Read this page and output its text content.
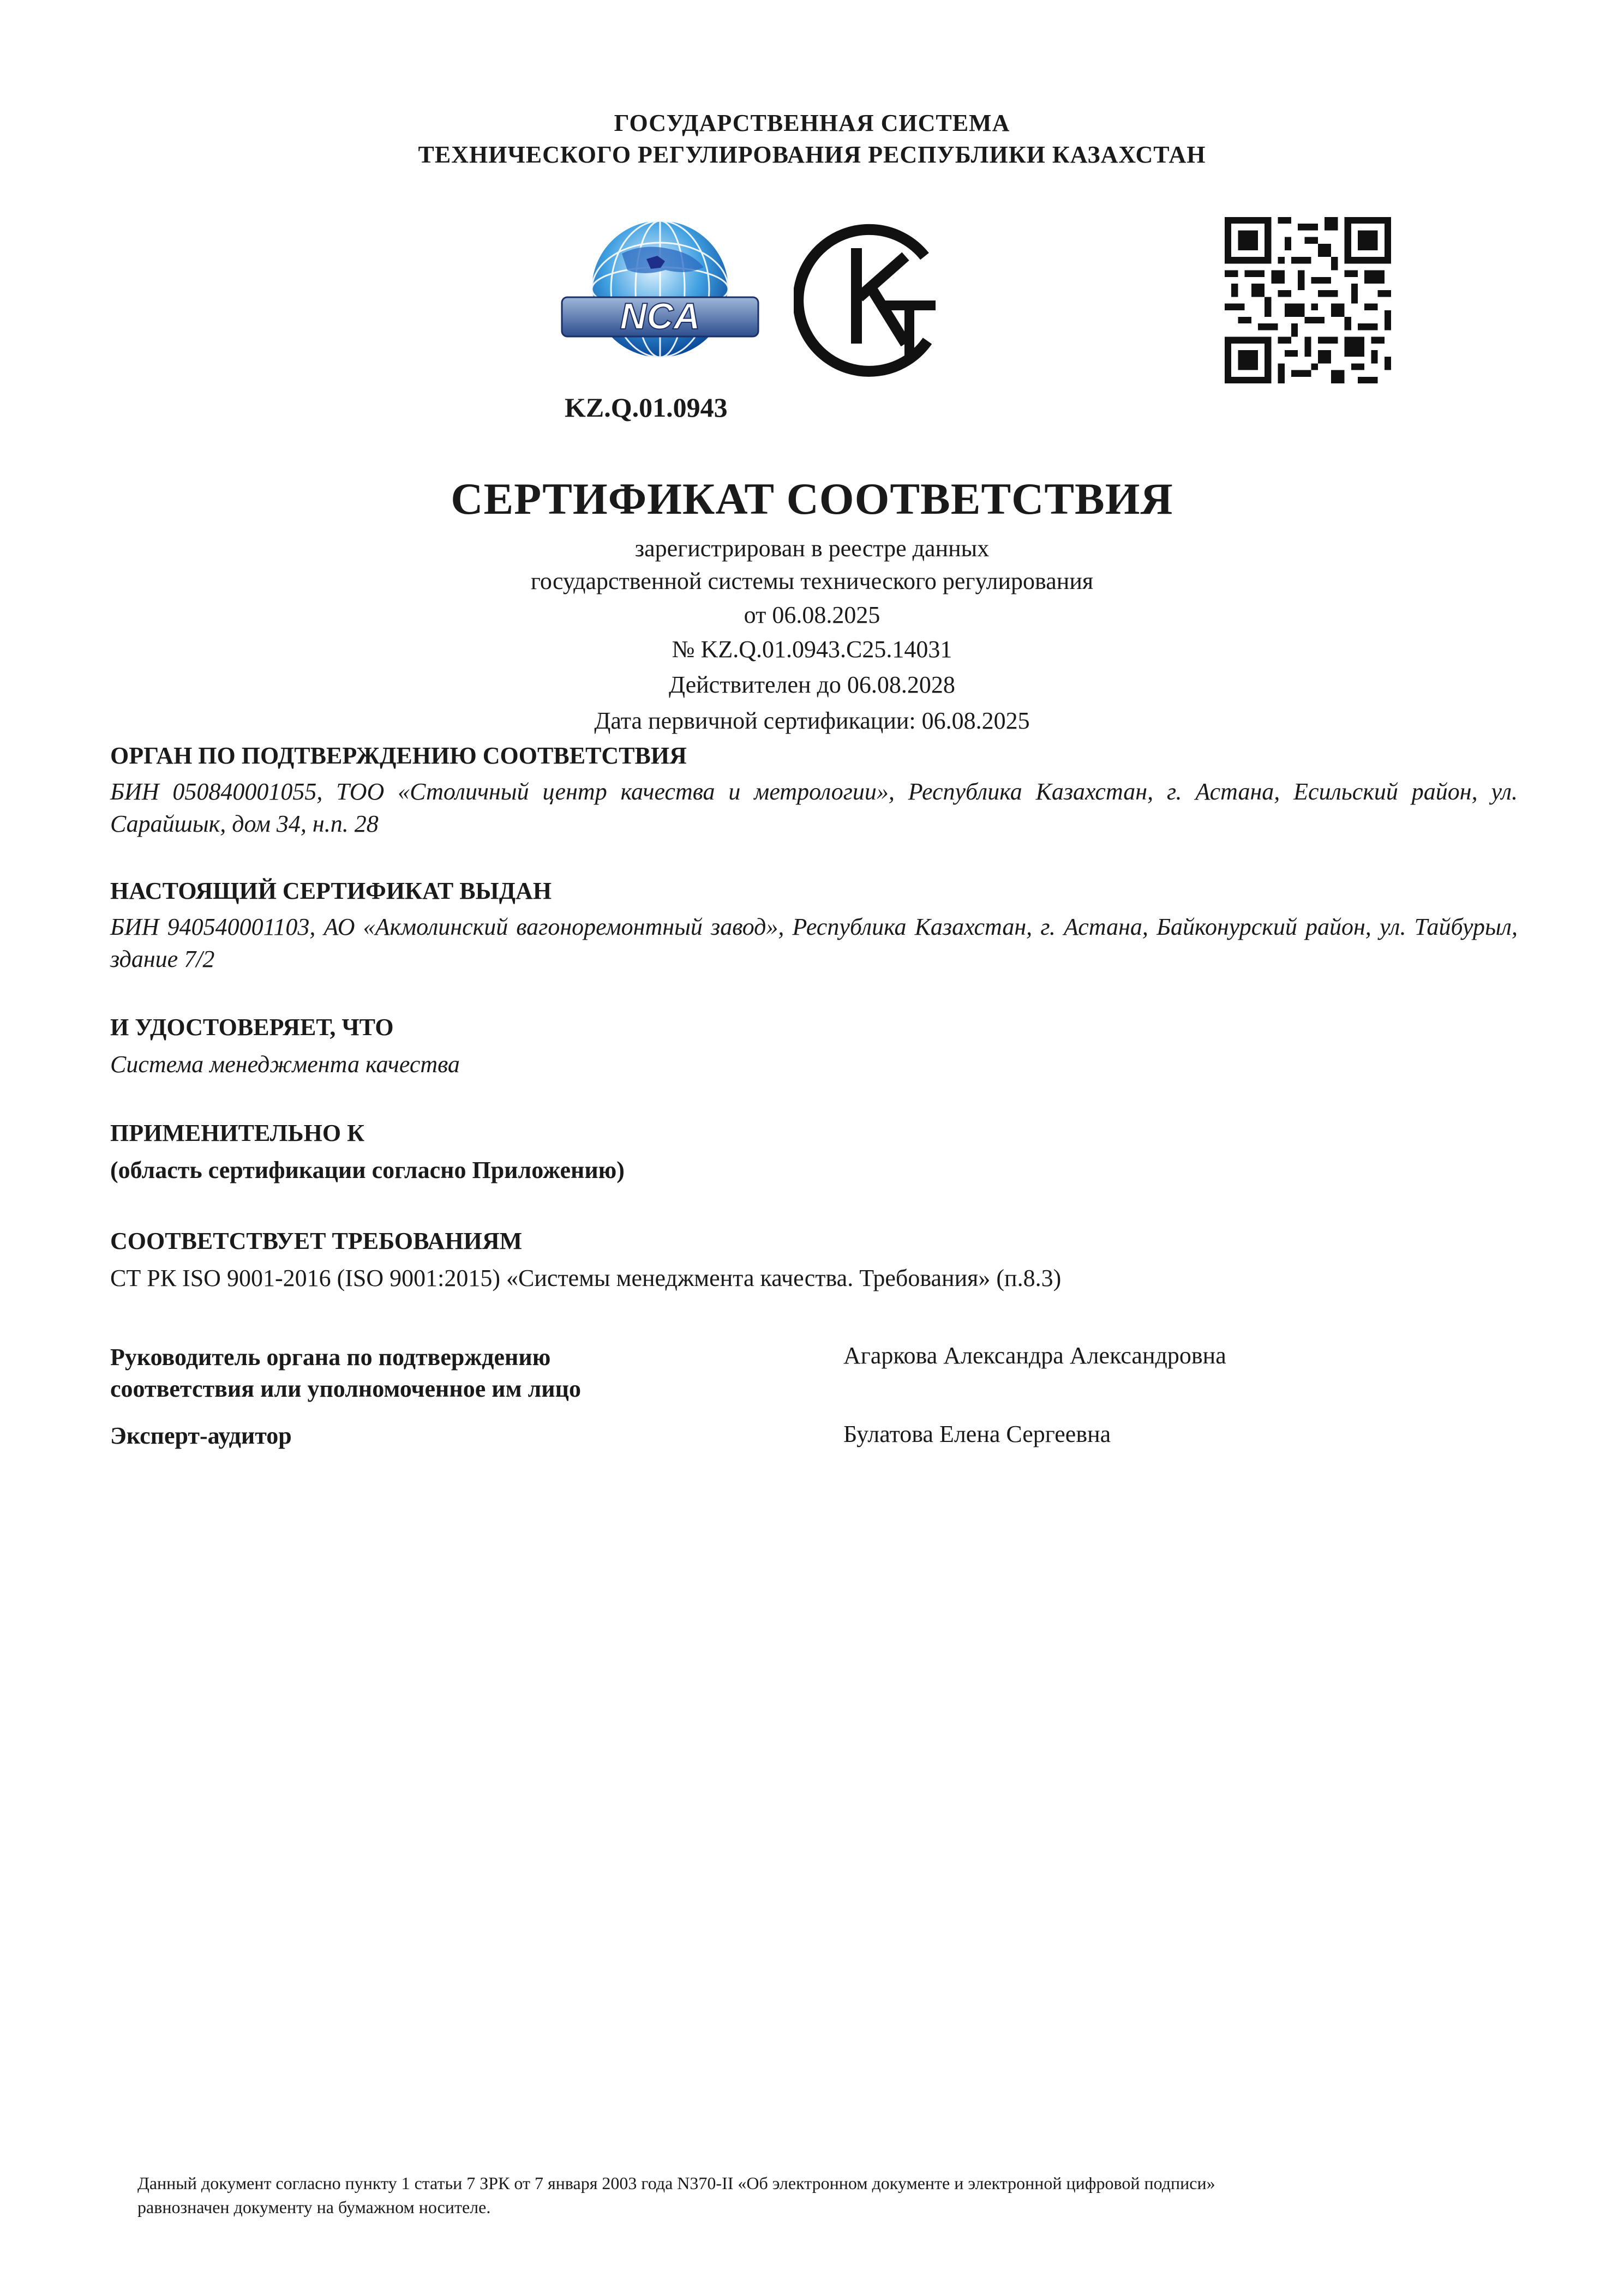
ГОСУДАРСТВЕННАЯ СИСТЕМА
ТЕХНИЧЕСКОГО РЕГУЛИРОВАНИЯ РЕСПУБЛИКИ КАЗАХСТАН
NCA
KZ.Q.01.0943
СЕРТИФИКАТ СООТВЕТСТВИЯ
зарегистрирован в реестре данных
государственной системы технического регулирования
от 06.08.2025
№ KZ.Q.01.0943.C25.14031
Действителен до 06.08.2028
Дата первичной сертификации: 06.08.2025
ОРГАН ПО ПОДТВЕРЖДЕНИЮ СООТВЕТСТВИЯ
БИН 050840001055, ТОО «Столичный центр качества и метрологии», Республика Казахстан, г. Астана, Есильский район, ул. Сарайшык, дом 34, н.п. 28
НАСТОЯЩИЙ СЕРТИФИКАТ ВЫДАН
БИН 940540001103, АО «Акмолинский вагоноремонтный завод», Республика Казахстан, г. Астана, Байконурский район, ул. Тайбурыл, здание 7/2
И УДОСТОВЕРЯЕТ, ЧТО
Система менеджмента качества
ПРИМЕНИТЕЛЬНО К
(область сертификации согласно Приложению)
СООТВЕТСТВУЕТ ТРЕБОВАНИЯМ
СТ РК ISO 9001-2016 (ISO 9001:2015) «Системы менеджмента качества. Требования» (п.8.3)
Руководитель органа по подтверждению
соответствия или уполномоченное им лицо
Агаркова Александра Александровна
Эксперт-аудитор	Булатова Елена Сергеевна
Данный документ согласно пункту 1 статьи 7 ЗРК от 7 января 2003 года N370-II «Об электронном документе и электронной цифровой подписи»
равнозначен документу на бумажном носителе.
